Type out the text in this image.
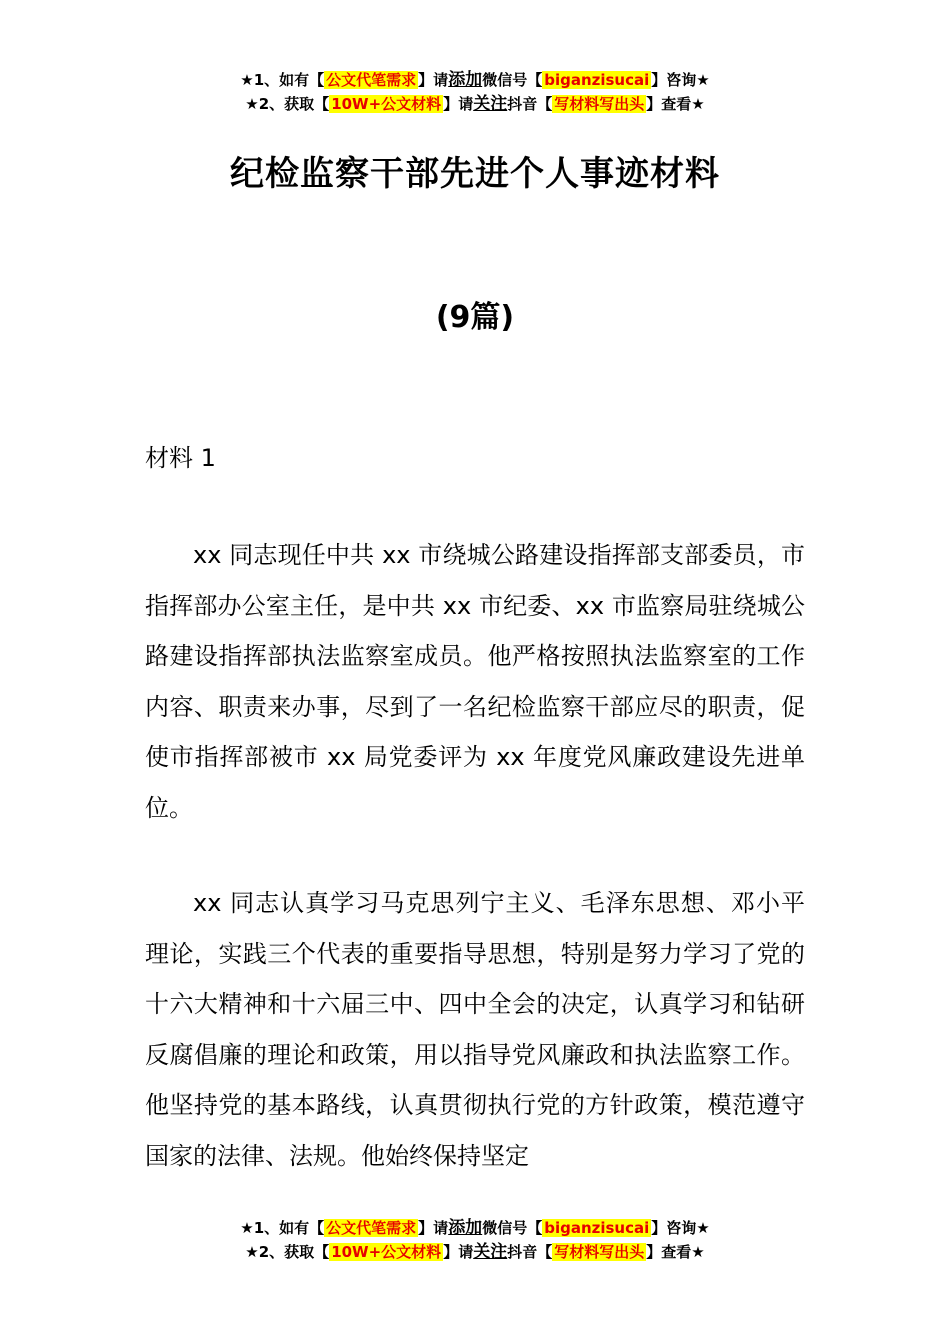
★1、如有【 公文代笔需求 】请添加微信号【 biganzisucai 】咨询★
★2、获取【 10W+公文材料 】请关注抖音【 写材料写出头 】查看★
纪检监察干部先进个人事迹材料
(9篇)
材料 1
xx 同志现任中共 xx 市绕城公路建设指挥部支部委员，市指挥部办公室主任，是中共 xx 市纪委、xx 市监察局驻绕城公路建设指挥部执法监察室成员。他严格按照执法监察室的工作内容、职责来办事，尽到了一名纪检监察干部应尽的职责，促使市指挥部被市 xx 局党委评为 xx 年度党风廉政建设先进单位。
xx 同志认真学习马克思列宁主义、毛泽东思想、邓小平理论，实践三个代表的重要指导思想，特别是努力学习了党的十六大精神和十六届三中、四中全会的决定，认真学习和钻研反腐倡廉的理论和政策，用以指导党风廉政和执法监察工作。他坚持党的基本路线，认真贯彻执行党的方针政策，模范遵守国家的法律、法规。他始终保持坚定
★1、如有【 公文代笔需求 】请添加微信号【 biganzisucai 】咨询★
★2、获取【 10W+公文材料 】请关注抖音【 写材料写出头 】查看★
